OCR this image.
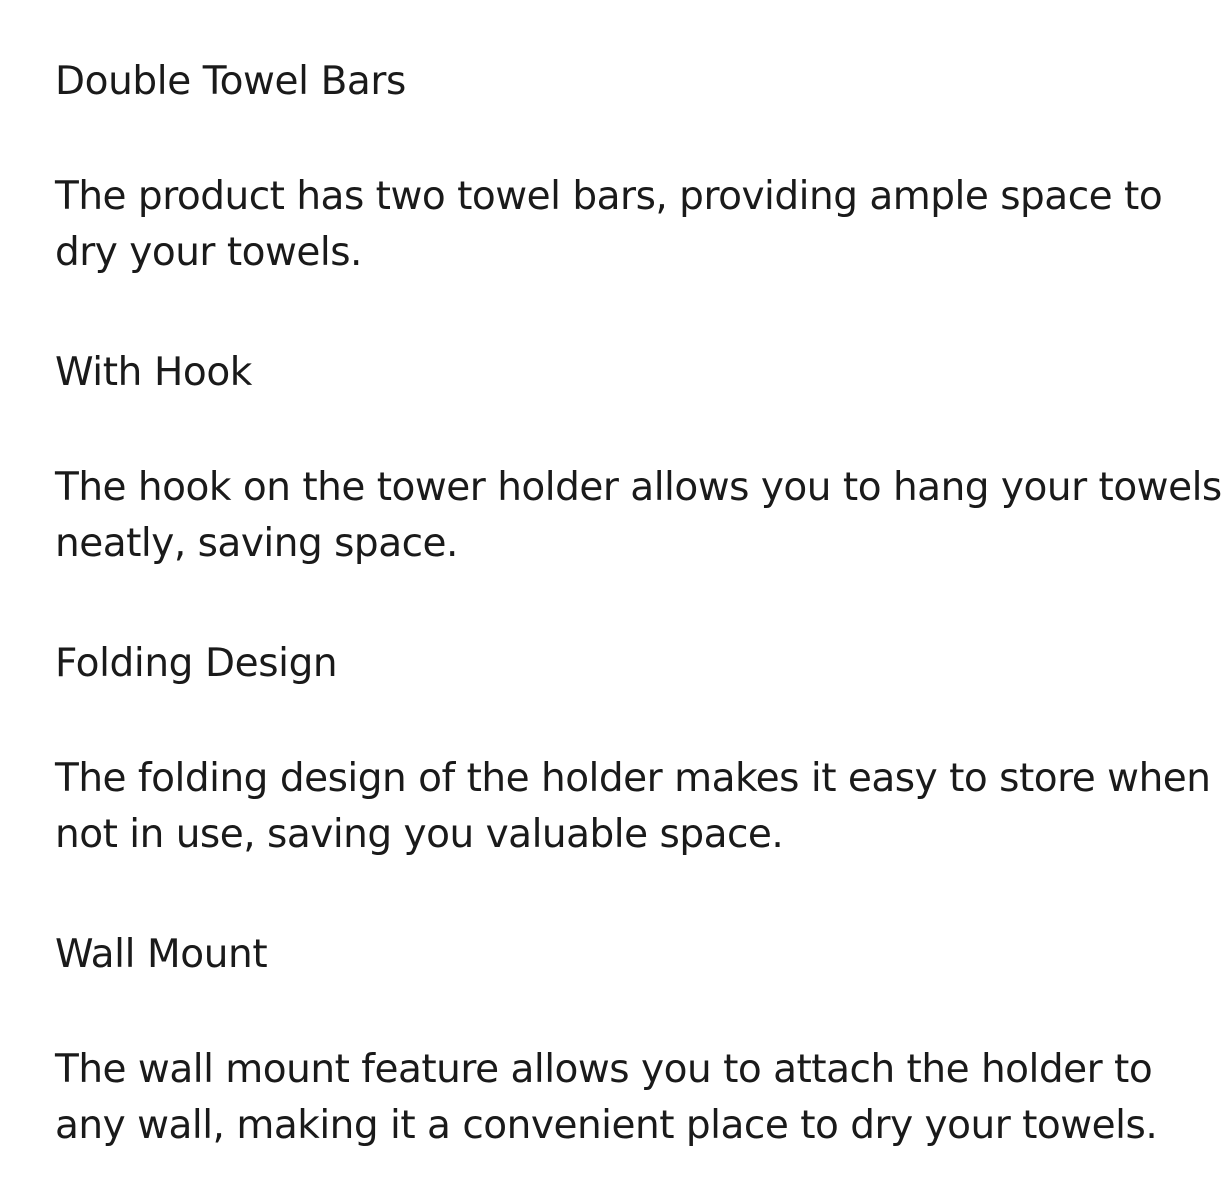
Double Towel Bars

The product has two towel bars, providing ample space to dry your towels.

With Hook

The hook on the tower holder allows you to hang your towels neatly, saving space.

Folding Design

The folding design of the holder makes it easy to store when not in use, saving you valuable space.

Wall Mount

The wall mount feature allows you to attach the holder to any wall, making it a convenient place to dry your towels.
